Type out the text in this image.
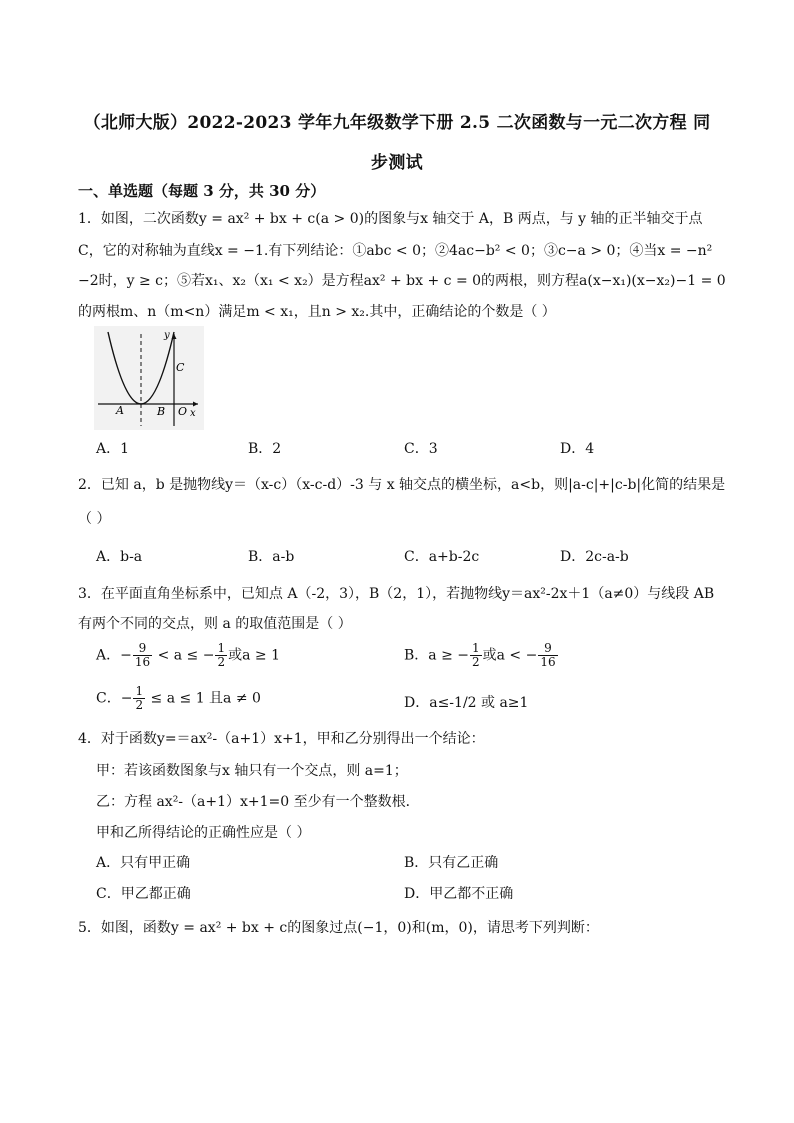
（北师大版）2022-2023 学年九年级数学下册 2.5 二次函数与一元二次方程 同
步测试
一、单选题（每题 3 分，共 30 分）
1．如图，二次函数y = ax² + bx + c(a > 0)的图象与x 轴交于 A，B 两点，与 y 轴的正半轴交于点
C，它的对称轴为直线x = −1.有下列结论：①abc < 0；②4ac−b² < 0；③c−a > 0；④当x = −n²
−2时，y ≥ c；⑤若x₁、x₂（x₁ < x₂）是方程ax² + bx + c = 0的两根，则方程a(x−x₁)(x−x₂)−1 = 0
的两根m、n（m<n）满足m < x₁，且n > x₂.其中，正确结论的个数是（ ）
y
x
C
A	B O
A．1	B．2	C．3	D．4
2．已知 a，b 是抛物线y＝（x-c）（x-c-d）-3 与 x 轴交点的横坐标，a<b，则|a-c|+|c-b|化简的结果是
（ ）
A．b-a	B．a-b	C．a+b-2c	D．2c-a-b
3．在平面直角坐标系中，已知点 A（-2，3），B（2，1），若抛物线y＝ax²-2x＋1（a≠0）与线段 AB
有两个不同的交点，则 a 的取值范围是（ ）
A．− $\frac{9}{16} < a$ ≤ − $\frac{1}{2}$ 或a ≥ 1	B．a ≥ − $\frac{1}{2}$ 或a < − $\frac{9}{16}$
C．− $\frac{1}{2} \le a \le 1$ 且a ≠ 0	D．a≤-1/2 或 a≥1
4．对于函数y=＝ax²-（a+1）x+1，甲和乙分别得出一个结论：
甲：若该函数图象与x 轴只有一个交点，则 a=1；
乙：方程 ax²-（a+1）x+1=0 至少有一个整数根．
甲和乙所得结论的正确性应是（ ）
A．只有甲正确	B．只有乙正确
C．甲乙都正确	D．甲乙都不正确
5．如图，函数y = ax² + bx + c的图象过点(−1，0)和(m，0)，请思考下列判断：
